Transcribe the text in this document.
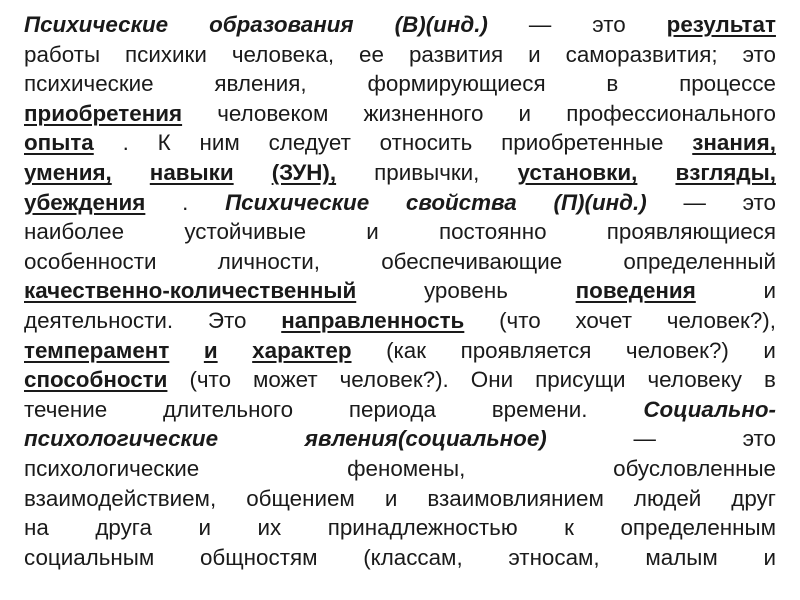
Психические образования (В)(инд.) — это результат
работы психики человека, ее развития и саморазвития; это
психические	явления,	формирующиеся	в	процессе
приобретения человеком жизненного и профессионального
опыта . К ним следует относить приобретенные знания,
умения, навыки (ЗУН), привычки, установки, взгляды,
убеждения . Психические свойства (П)(инд.) — это
наиболее	устойчивые	и	постоянно	проявляющиеся
особенности	личности,	обеспечивающие	определенный
качественно-количественный	уровень	поведения	и
деятельности. Это направленность (что хочет человек?),
темперамент и характер (как проявляется человек?) и
способности (что может человек?). Они присущи человеку в
течение длительного периода времени. Социально-
психологические	явления(социальное)	—	это
психологические	феномены,	обусловленные
взаимодействием, общением и взаимовлиянием людей друг
на друга и их принадлежностью к определенным
социальным общностям (классам, этносам, малым и
